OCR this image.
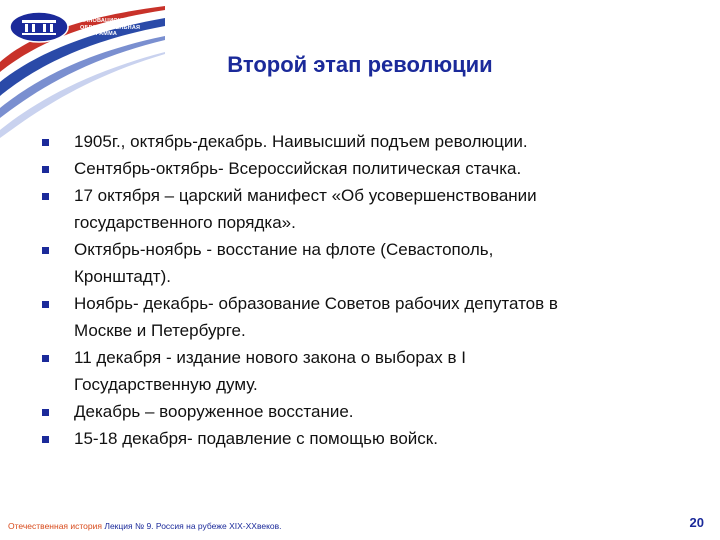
ИННОВАЦИОННАЯ
ОБРАЗОВАТЕЛЬНАЯ
ПРОГРАММА
Второй этап революции
1905г., октябрь-декабрь. Наивысший подъем революции.
Сентябрь-октябрь- Всероссийская политическая стачка.
17 октября – царский манифест «Об усовершенствовании
государственного порядка».
Октябрь-ноябрь - восстание на флоте (Севастополь,
Кронштадт).
Ноябрь- декабрь- образование Советов рабочих депутатов в
Москве и Петербурге.
11 декабря - издание нового закона о выборах в I
Государственную думу.
Декабрь – вооруженное восстание.
15-18 декабря- подавление с помощью войск.
Отечественная история Лекция № 9. Россия на рубеже XIX-XXвеков.	20
